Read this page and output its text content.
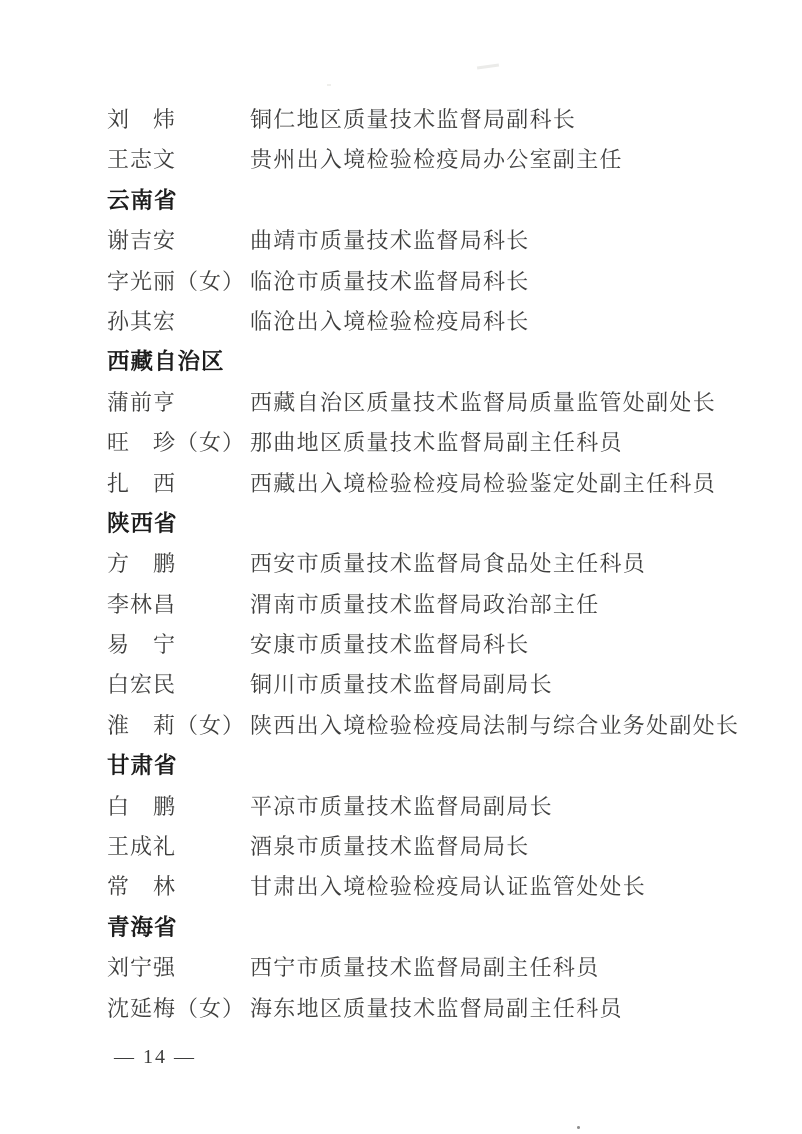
刘　炜	铜仁地区质量技术监督局副科长
王志文	贵州出入境检验检疫局办公室副主任
云南省
谢吉安	曲靖市质量技术监督局科长
字光丽（女） 临沧市质量技术监督局科长
孙其宏	临沧出入境检验检疫局科长
西藏自治区
蒲前亨	西藏自治区质量技术监督局质量监管处副处长
旺　珍（女） 那曲地区质量技术监督局副主任科员
扎　西	西藏出入境检验检疫局检验鉴定处副主任科员
陕西省
方　鹏	西安市质量技术监督局食品处主任科员
李林昌	渭南市质量技术监督局政治部主任
易　宁	安康市质量技术监督局科长
白宏民	铜川市质量技术监督局副局长
淮　莉（女） 陕西出入境检验检疫局法制与综合业务处副处长
甘肃省
白　鹏	平凉市质量技术监督局副局长
王成礼	酒泉市质量技术监督局局长
常　林	甘肃出入境检验检疫局认证监管处处长
青海省
刘宁强	西宁市质量技术监督局副主任科员
沈延梅（女） 海东地区质量技术监督局副主任科员
— 14 —
